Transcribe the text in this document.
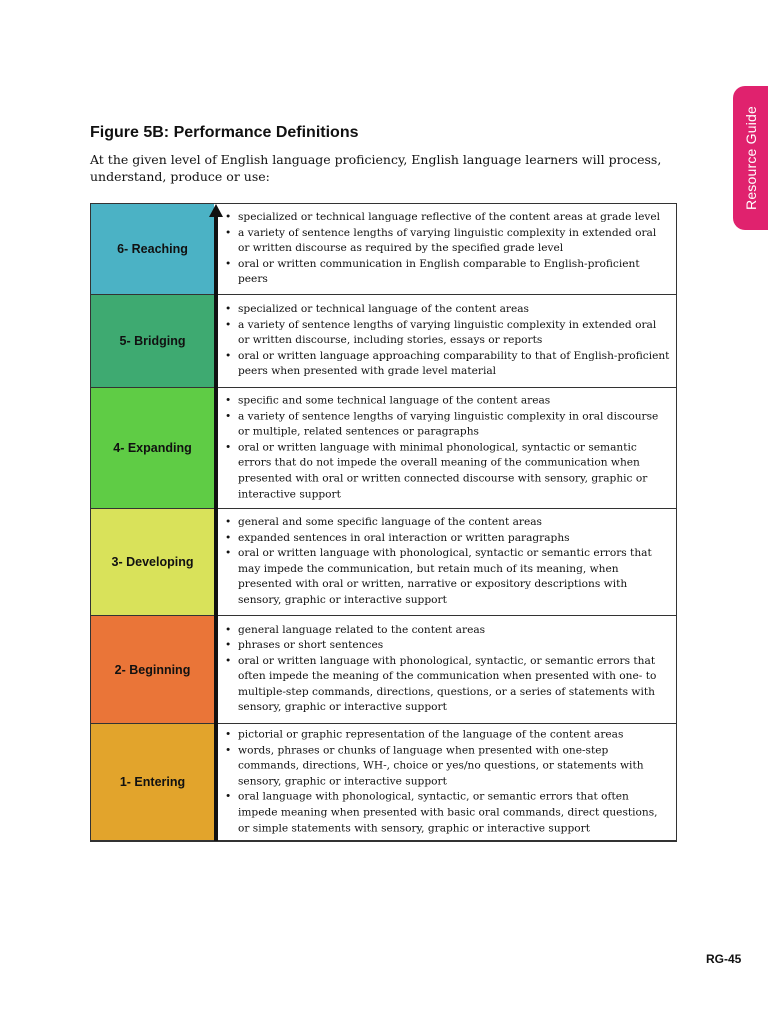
Resource Guide
Figure 5B: Performance Definitions

At the given level of English language proficiency, English language learners will process, understand, produce or use:

6- Reaching
• specialized or technical language reflective of the content areas at grade level
• a variety of sentence lengths of varying linguistic complexity in extended oral or written discourse as required by the specified grade level
• oral or written communication in English comparable to English-proficient peers
5- Bridging
• specialized or technical language of the content areas
• a variety of sentence lengths of varying linguistic complexity in extended oral or written discourse, including stories, essays or reports
• oral or written language approaching comparability to that of English-proficient peers when presented with grade level material
4- Expanding
• specific and some technical language of the content areas
• a variety of sentence lengths of varying linguistic complexity in oral discourse or multiple, related sentences or paragraphs
• oral or written language with minimal phonological, syntactic or semantic errors that do not impede the overall meaning of the communication when presented with oral or written connected discourse with sensory, graphic or interactive support
3- Developing
• general and some specific language of the content areas
• expanded sentences in oral interaction or written paragraphs
• oral or written language with phonological, syntactic or semantic errors that may impede the communication, but retain much of its meaning, when presented with oral or written, narrative or expository descriptions with sensory, graphic or interactive support
2- Beginning
• general language related to the content areas
• phrases or short sentences
• oral or written language with phonological, syntactic, or semantic errors that often impede the meaning of the communication when presented with one- to multiple-step commands, directions, questions, or a series of statements with sensory, graphic or interactive support
1- Entering
• pictorial or graphic representation of the language of the content areas
• words, phrases or chunks of language when presented with one-step commands, directions, WH-, choice or yes/no questions, or statements with sensory, graphic or interactive support
• oral language with phonological, syntactic, or semantic errors that often impede meaning when presented with basic oral commands, direct questions, or simple statements with sensory, graphic or interactive support
RG-45
